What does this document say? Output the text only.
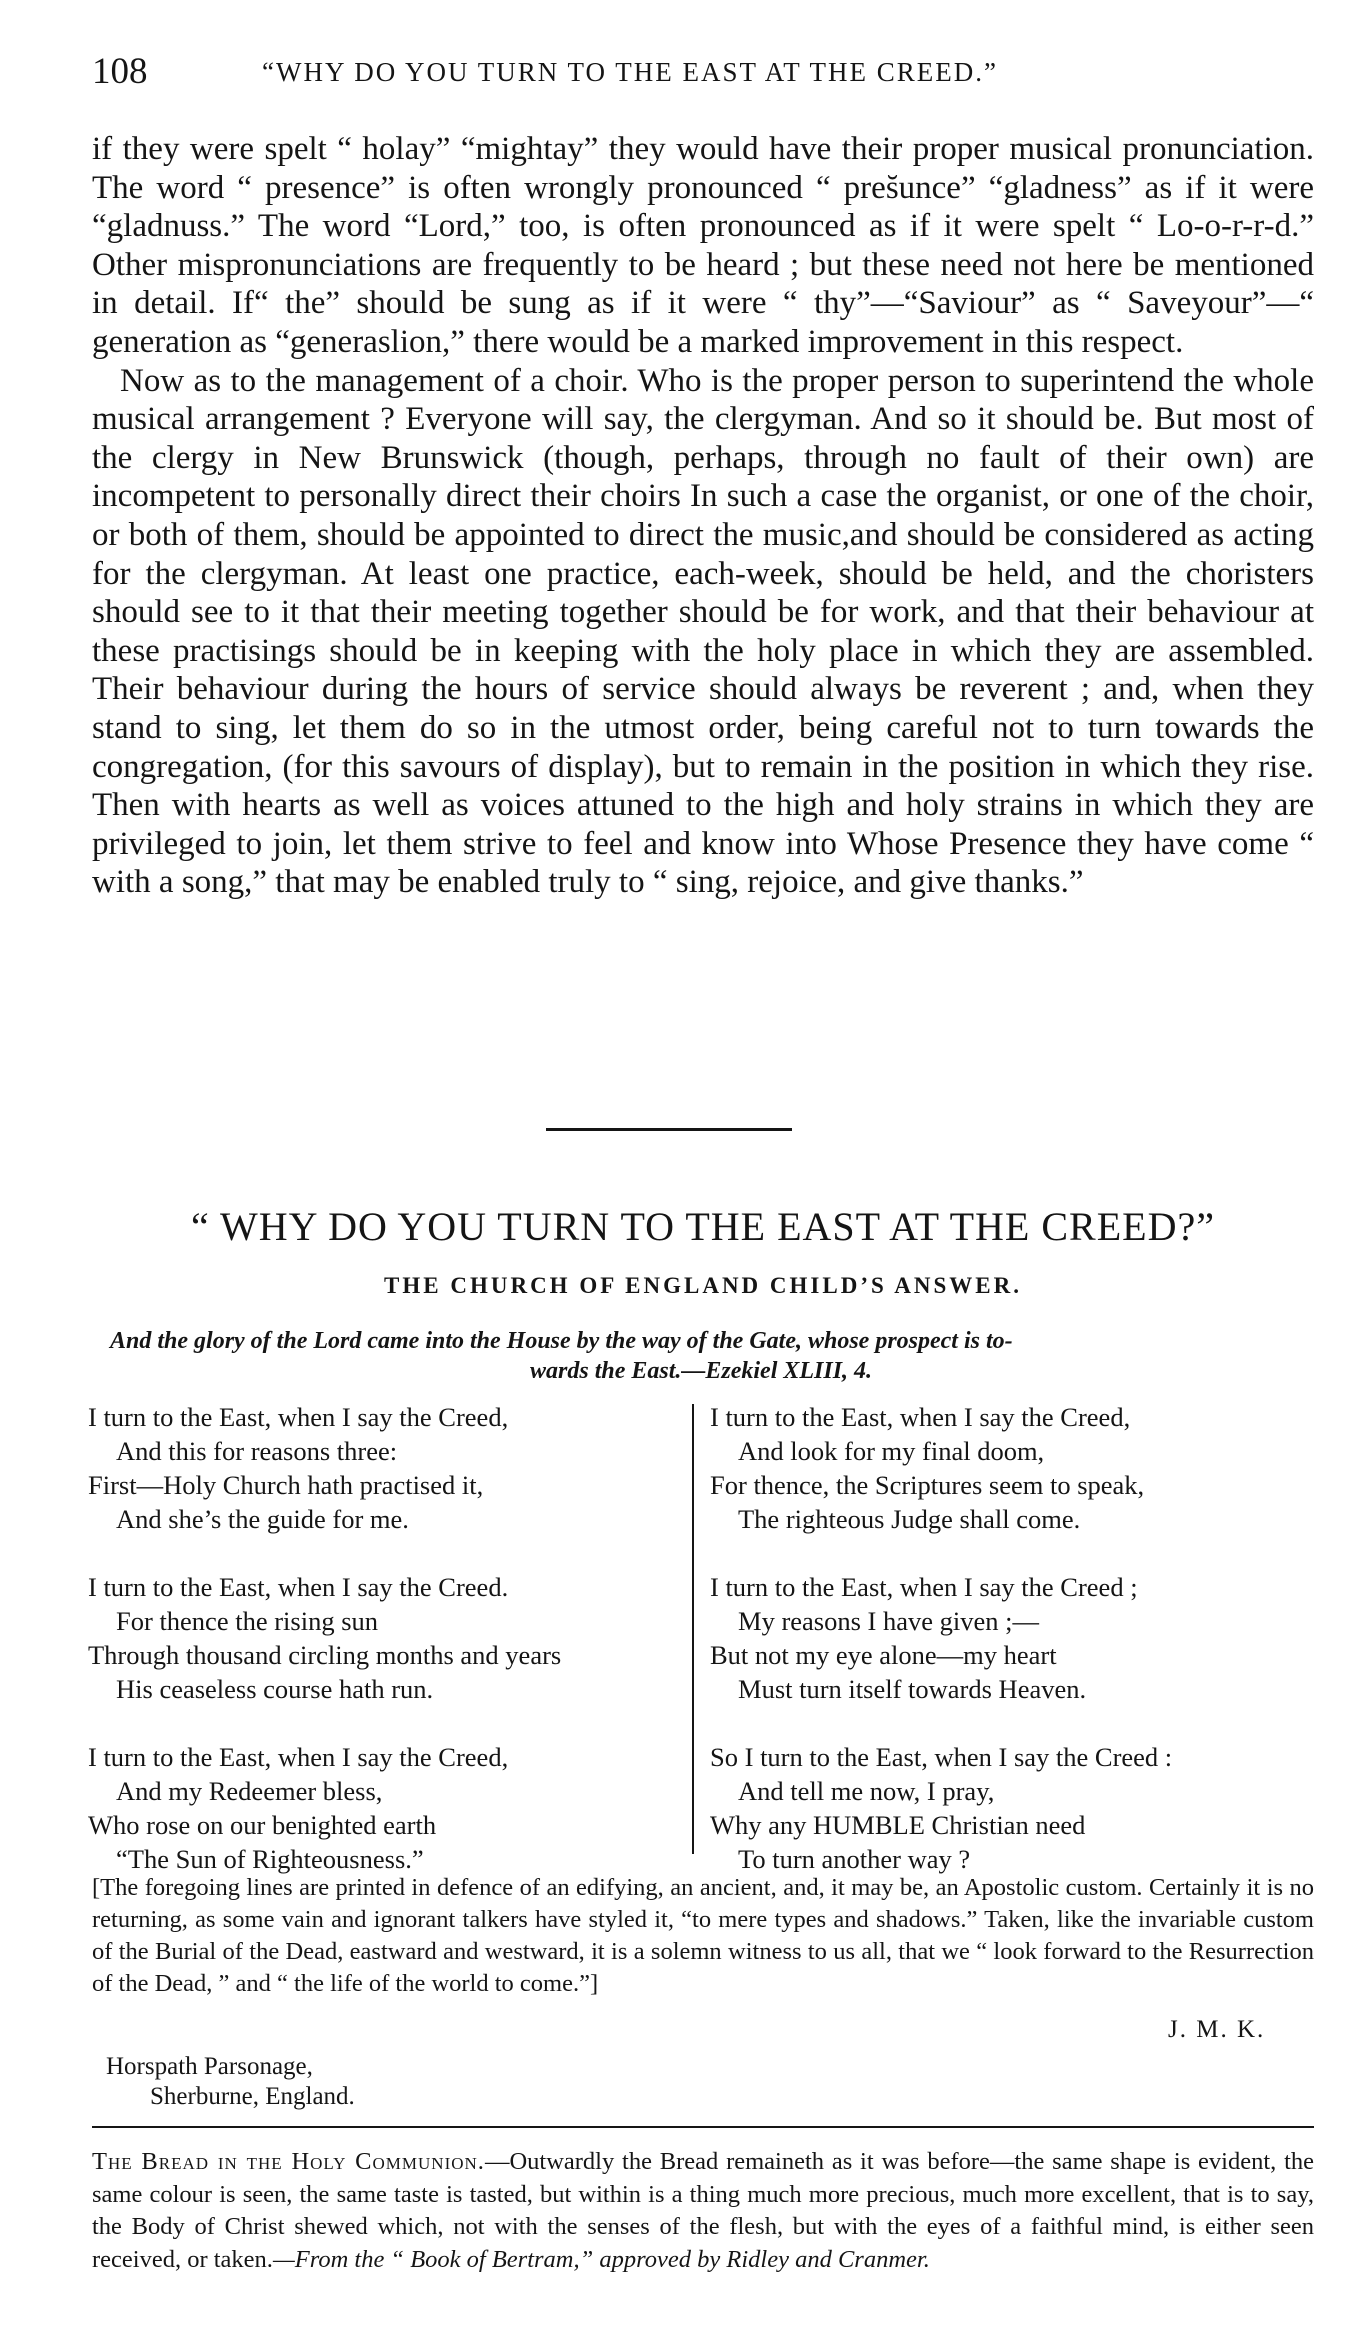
108	“WHY DO YOU TURN TO THE EAST AT THE CREED.”

if they were spelt “ holay” “mightay” they would have their proper musical pronunciation. The word “ presence” is often wrongly pronounced “ pres̆unce” “gladness” as if it were “gladnuss.” The word “Lord,” too, is often pronounced as if it were spelt “ Lo-o-r-r-d.” Other mispronunciations are frequently to be heard ; but these need not here be mentioned in detail. If“ the” should be sung as if it were “ thy”—“Saviour” as “ Saveyour”—“ generation as “generaslion,” there would be a marked improvement in this respect.

Now as to the management of a choir. Who is the proper person to superintend the whole musical arrangement ? Everyone will say, the clergyman. And so it should be. But most of the clergy in New Brunswick (though, perhaps, through no fault of their own) are incompetent to personally direct their choirs In such a case the organist, or one of the choir, or both of them, should be appointed to direct the music,and should be considered as acting for the clergyman. At least one practice, each-week, should be held, and the choristers should see to it that their meeting together should be for work, and that their behaviour at these practisings should be in keeping with the holy place in which they are assembled. Their behaviour during the hours of service should always be reverent ; and, when they stand to sing, let them do so in the utmost order, being careful not to turn towards the congregation, (for this savours of display), but to remain in the position in which they rise. Then with hearts as well as voices attuned to the high and holy strains in which they are privileged to join, let them strive to feel and know into Whose Presence they have come “ with a song,” that may be enabled truly to “ sing, rejoice, and give thanks.”

“ WHY DO YOU TURN TO THE EAST AT THE CREED?”
THE CHURCH OF ENGLAND CHILD’S ANSWER.
And the glory of the Lord came into the House by the way of the Gate, whose prospect is to-
wards the East.—Ezekiel XLIII, 4.
I turn to the East, when I say the Creed,
And this for reasons three:
First—Holy Church hath practised it,
And she’s the guide for me.
I turn to the East, when I say the Creed.
For thence the rising sun
Through thousand circling months and years
His ceaseless course hath run.
I turn to the East, when I say the Creed,
And my Redeemer bless,
Who rose on our benighted earth
“The Sun of Righteousness.”
I turn to the East, when I say the Creed,
And look for my final doom,
For thence, the Scriptures seem to speak,
The righteous Judge shall come.
I turn to the East, when I say the Creed ;
My reasons I have given ;—
But not my eye alone—my heart
Must turn itself towards Heaven.
So I turn to the East, when I say the Creed :
And tell me now, I pray,
Why any HUMBLE Christian need
To turn another way ?
[The foregoing lines are printed in defence of an edifying, an ancient, and, it may be, an Apostolic custom. Certainly it is no returning, as some vain and ignorant talkers have styled it, “to mere types and shadows.” Taken, like the invariable custom of the Burial of the Dead, eastward and westward, it is a solemn witness to us all, that we “ look forward to the Resurrection of the Dead, ” and “ the life of the world to come.”]
J. M. K.
Horspath Parsonage,
Sherburne, England.
The Bread in the Holy Communion.—Outwardly the Bread remaineth as it was before—the same shape is evident, the same colour is seen, the same taste is tasted, but within is a thing much more precious, much more excellent, that is to say, the Body of Christ shewed which, not with the senses of the flesh, but with the eyes of a faithful mind, is either seen received, or taken.—From the “ Book of Bertram,” approved by Ridley and Cranmer.
